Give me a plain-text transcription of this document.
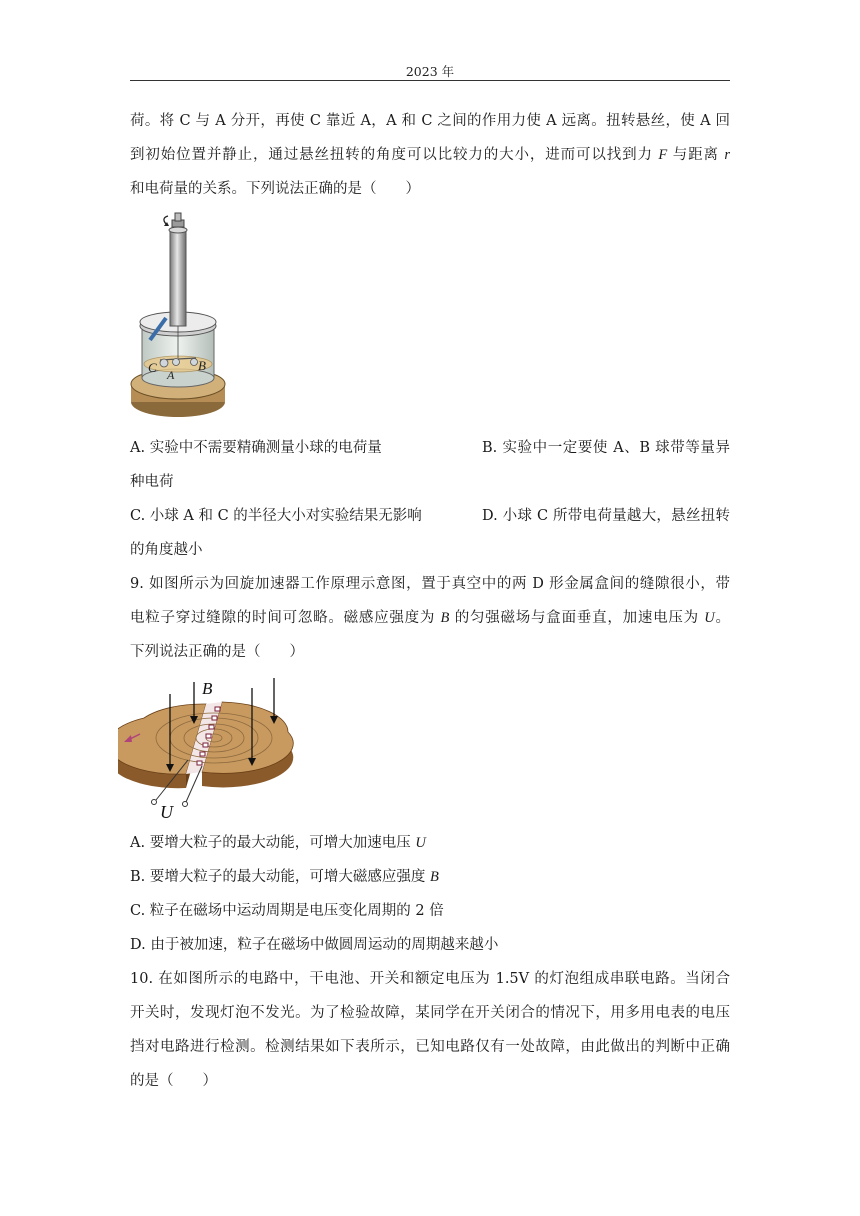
2023 年
荷。将 C 与 A 分开，再使 C 靠近 A，A 和 C 之间的作用力使 A 远离。扭转悬丝，使 A 回
到初始位置并静止，通过悬丝扭转的角度可以比较力的大小，进而可以找到力 F 与距离 r
和电荷量的关系。下列说法正确的是（　　）
C A
B
A. 实验中不需要精确测量小球的电荷量	B. 实验中一定要使 A、B 球带等量异
种电荷
C. 小球 A 和 C 的半径大小对实验结果无影响	D. 小球 C 所带电荷量越大，悬丝扭转
的角度越小
9. 如图所示为回旋加速器工作原理示意图，置于真空中的两 D 形金属盒间的缝隙很小，带
电粒子穿过缝隙的时间可忽略。磁感应强度为 B 的匀强磁场与盒面垂直，加速电压为 U。
下列说法正确的是（　　）
B
U
A. 要增大粒子的最大动能，可增大加速电压 U
B. 要增大粒子的最大动能，可增大磁感应强度 B
C. 粒子在磁场中运动周期是电压变化周期的 2 倍
D. 由于被加速，粒子在磁场中做圆周运动的周期越来越小
10. 在如图所示的电路中，干电池、开关和额定电压为 1.5V 的灯泡组成串联电路。当闭合
开关时，发现灯泡不发光。为了检验故障，某同学在开关闭合的情况下，用多用电表的电压
挡对电路进行检测。检测结果如下表所示，已知电路仅有一处故障，由此做出的判断中正确
的是（　　）
